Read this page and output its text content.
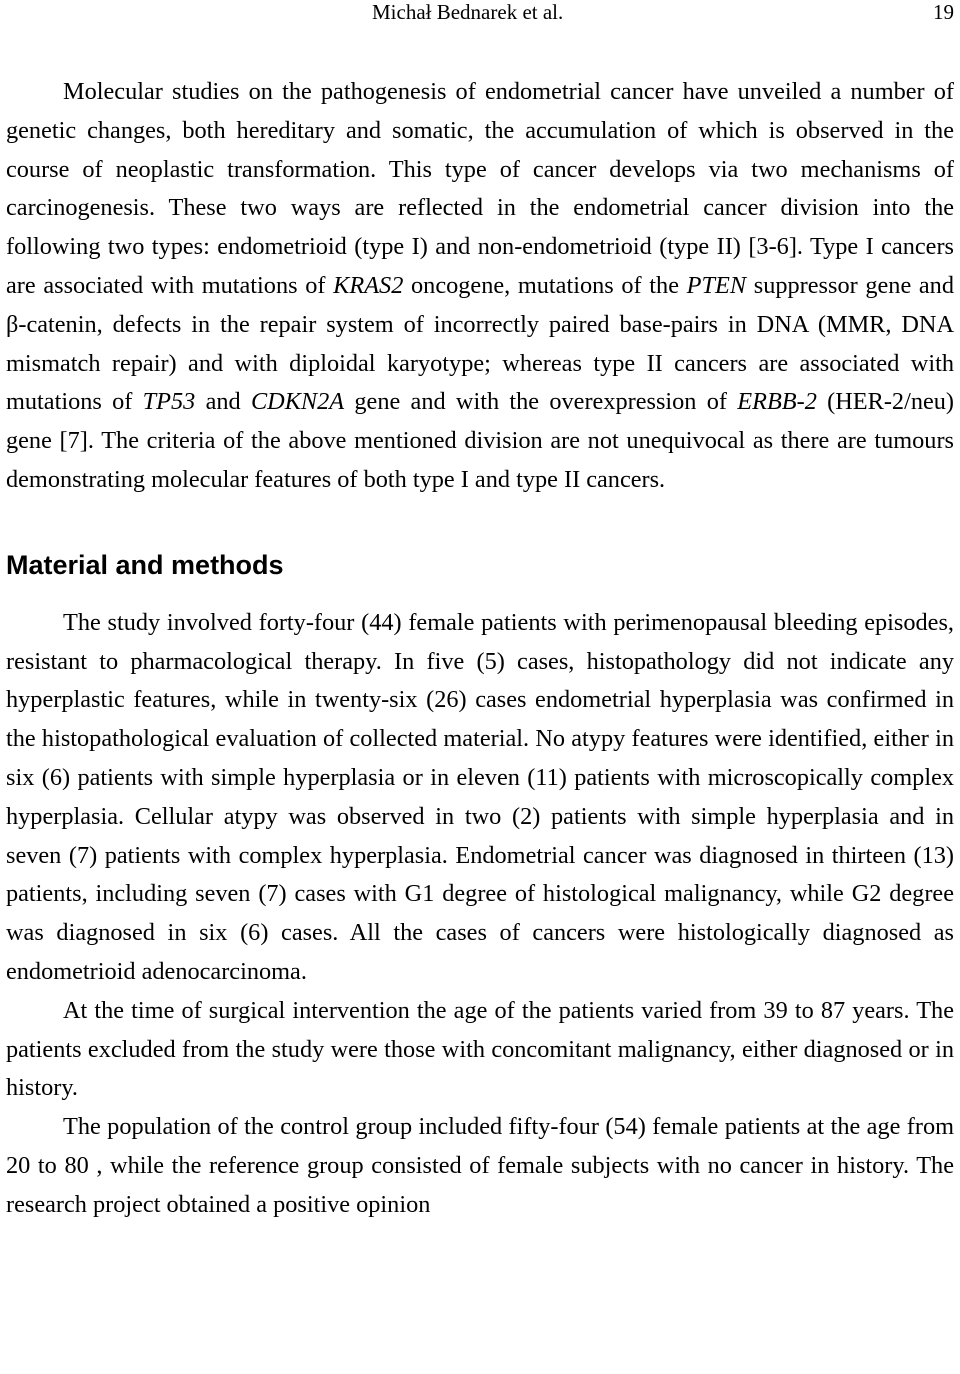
Michał Bednarek et al.	19

Molecular studies on the pathogenesis of endometrial cancer have unveiled a number of genetic changes, both hereditary and somatic, the accumulation of which is observed in the course of neoplastic transformation. This type of cancer develops via two mechanisms of carcinogenesis. These two ways are reflected in the endometrial cancer division into the following two types: endometrioid (type I) and non-endometrioid (type II) [3-6]. Type I cancers are associated with mutations of KRAS2 oncogene, mutations of the PTEN suppressor gene and β-catenin, defects in the repair system of incorrectly paired base-pairs in DNA (MMR, DNA mismatch repair) and with diploidal karyotype; whereas type II cancers are associated with mutations of TP53 and CDKN2A gene and with the overexpression of ERBB-2 (HER-2/neu) gene [7]. The criteria of the above mentioned division are not unequivocal as there are tumours demonstrating molecular features of both type I and type II cancers.

Material and methods

The study involved forty-four (44) female patients with perimenopausal bleeding episodes, resistant to pharmacological therapy. In five (5) cases, histopathology did not indicate any hyperplastic features, while in twenty-six (26) cases endometrial hyperplasia was confirmed in the histopathological evaluation of collected material. No atypy features were identified, either in six (6) patients with simple hyperplasia or in eleven (11) patients with microscopically complex hyperplasia. Cellular atypy was observed in two (2) patients with simple hyperplasia and in seven (7) patients with complex hyperplasia. Endometrial cancer was diagnosed in thirteen (13) patients, including seven (7) cases with G1 degree of histological malignancy, while G2 degree was diagnosed in six (6) cases. All the cases of cancers were histologically diagnosed as endometrioid adenocarcinoma.

At the time of surgical intervention the age of the patients varied from 39 to 87 years. The patients excluded from the study were those with concomitant malignancy, either diagnosed or in history.

The population of the control group included fifty-four (54) female patients at the age from 20 to 80 , while the reference group consisted of female subjects with no cancer in history. The research project obtained a positive opinion
